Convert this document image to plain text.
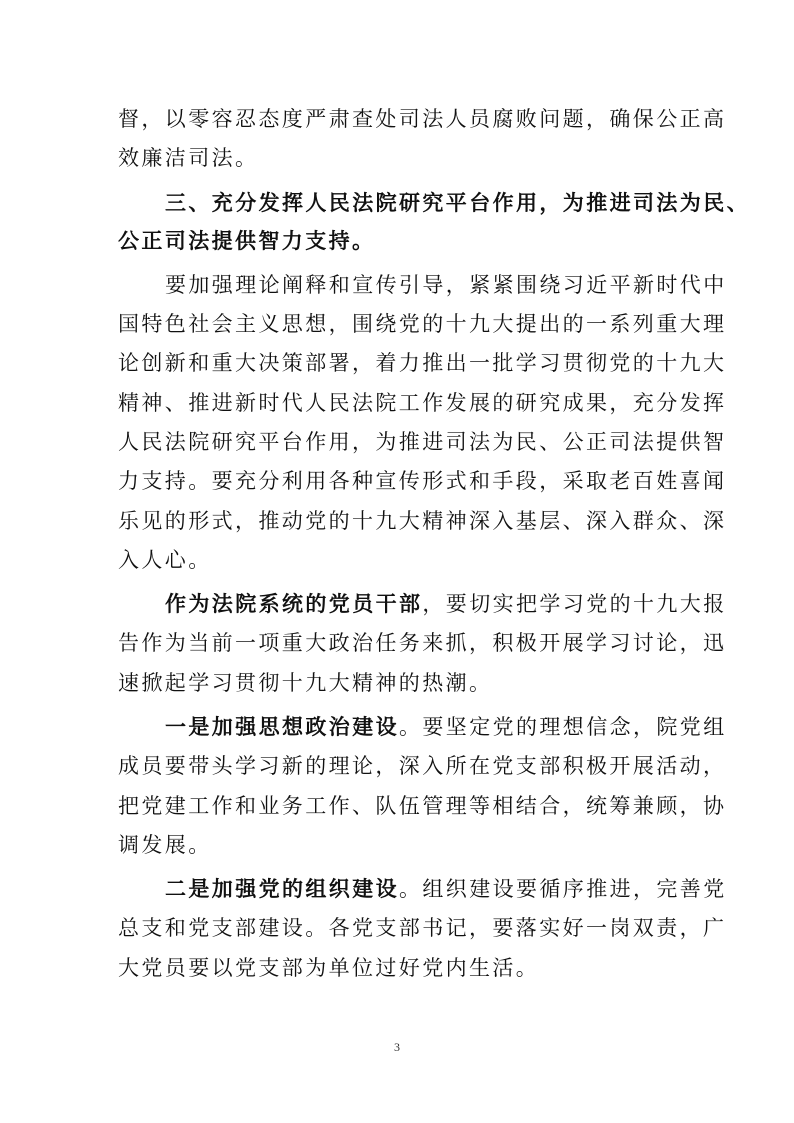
督，以零容忍态度严肃查处司法人员腐败问题，确保公正高
效廉洁司法。
三、充分发挥人民法院研究平台作用，为推进司法为民、
公正司法提供智力支持。
要加强理论阐释和宣传引导，紧紧围绕习近平新时代中
国特色社会主义思想，围绕党的十九大提出的一系列重大理
论创新和重大决策部署，着力推出一批学习贯彻党的十九大
精神、推进新时代人民法院工作发展的研究成果，充分发挥
人民法院研究平台作用，为推进司法为民、公正司法提供智
力支持。要充分利用各种宣传形式和手段，采取老百姓喜闻
乐见的形式，推动党的十九大精神深入基层、深入群众、深
入人心。
作为法院系统的党员干部，要切实把学习党的十九大报
告作为当前一项重大政治任务来抓，积极开展学习讨论，迅
速掀起学习贯彻十九大精神的热潮。
一是加强思想政治建设。要坚定党的理想信念，院党组
成员要带头学习新的理论，深入所在党支部积极开展活动，
把党建工作和业务工作、队伍管理等相结合，统筹兼顾，协
调发展。
二是加强党的组织建设。组织建设要循序推进，完善党
总支和党支部建设。各党支部书记，要落实好一岗双责，广
大党员要以党支部为单位过好党内生活。
3
